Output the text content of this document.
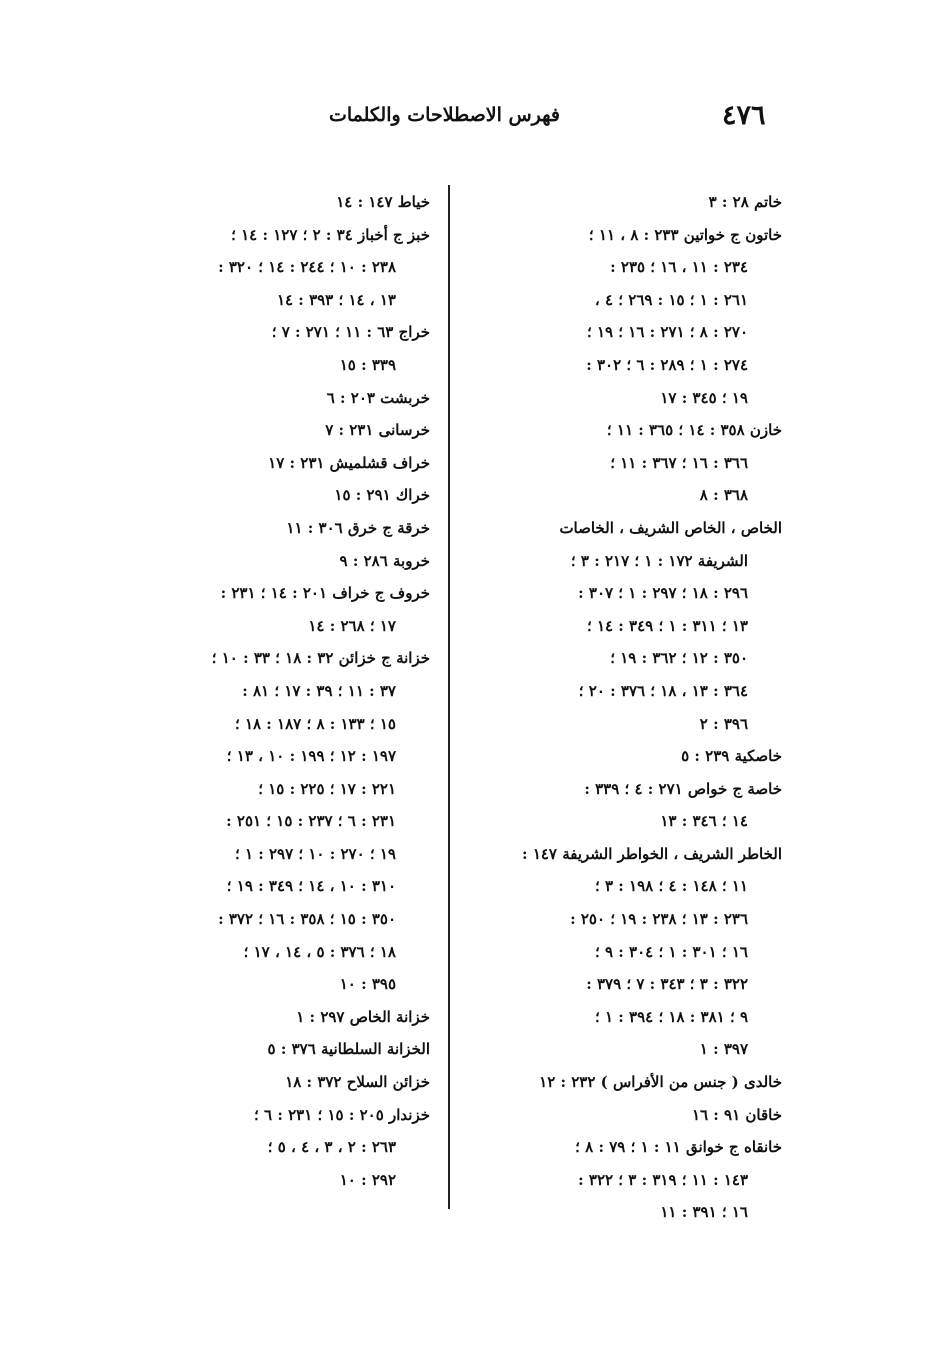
٤٧٦
فهرس الاصطلاحات والكلمات
خاتم ٢٨ : ٣
خاتون ج خواتين ٢٣٣ : ٨ ، ١١ ؛
٢٣٤ : ١١ ، ١٦ ؛ ٢٣٥ :
٢٦١ : ١ ؛ ١٥ : ٢٦٩ ؛ ٤ ،
٢٧٠ : ٨ ؛ ٢٧١ : ١٦ ؛ ١٩ ؛
٢٧٤ : ١ ؛ ٢٨٩ : ٦ ؛ ٣٠٢ :
١٩ ؛ ٣٤٥ : ١٧
خازن ٣٥٨ : ١٤ ؛ ٣٦٥ : ١١ ؛
٣٦٦ : ١٦ ؛ ٣٦٧ : ١١ ؛
٣٦٨ : ٨
الخاص ، الخاص الشريف ، الخاصات
الشريفة ١٧٢ : ١ ؛ ٢١٧ : ٣ ؛
٢٩٦ : ١٨ ؛ ٢٩٧ : ١ ؛ ٣٠٧ :
١٣ ؛ ٣١١ : ١ ؛ ٣٤٩ : ١٤ ؛
٣٥٠ : ١٢ ؛ ٣٦٢ : ١٩ ؛
٣٦٤ : ١٣ ، ١٨ ؛ ٣٧٦ : ٢٠ ؛
٣٩٦ : ٢
خاصكية ٢٣٩ : ٥
خاصة ج خواص ٢٧١ : ٤ ؛ ٣٣٩ :
١٤ ؛ ٣٤٦ : ١٣
الخاطر الشريف ، الخواطر الشريفة ١٤٧ :
١١ ؛ ١٤٨ : ٤ ؛ ١٩٨ : ٣ ؛
٢٣٦ : ١٣ ؛ ٢٣٨ : ١٩ ؛ ٢٥٠ :
١٦ ؛ ٣٠١ : ١ ؛ ٣٠٤ : ٩ ؛
٣٢٢ : ٣ ؛ ٣٤٣ : ٧ ؛ ٣٧٩ :
٩ ؛ ٣٨١ : ١٨ ؛ ٣٩٤ : ١ ؛
٣٩٧ : ١
خالدى ( جنس من الأفراس ) ٢٣٢ : ١٢
خاقان ٩١ : ١٦
خانقاه ج خوانق ١١ : ١ ؛ ٧٩ : ٨ ؛
١٤٣ : ١١ ؛ ٣١٩ : ٣ ؛ ٣٢٢ :
١٦ ؛ ٣٩١ : ١١
خياط ١٤٧ : ١٤
خبز ج أخباز ٣٤ : ٢ ؛ ١٢٧ : ١٤ ؛
٢٣٨ : ١٠ ؛ ٢٤٤ : ١٤ ؛ ٣٢٠ :
١٣ ، ١٤ ؛ ٣٩٣ : ١٤
خراج ٦٣ : ١١ ؛ ٢٧١ : ٧ ؛
٣٣٩ : ١٥
خربشت ٢٠٣ : ٦
خرسانى ٢٣١ : ٧
خراف قشلميش ٢٣١ : ١٧
خراك ٢٩١ : ١٥
خرقة ج خرق ٣٠٦ : ١١
خروبة ٢٨٦ : ٩
خروف ج خراف ٢٠١ : ١٤ ؛ ٢٣١ :
١٧ ؛ ٢٦٨ : ١٤
خزانة ج خزائن ٣٢ : ١٨ ؛ ٣٣ : ١٠ ؛
٣٧ : ١١ ؛ ٣٩ : ١٧ ؛ ٨١ :
١٥ ؛ ١٣٣ : ٨ ؛ ١٨٧ : ١٨ ؛
١٩٧ : ١٢ ؛ ١٩٩ : ١٠ ، ١٣ ؛
٢٢١ : ١٧ ؛ ٢٢٥ : ١٥ ؛
٢٣١ : ٦ ؛ ٢٣٧ : ١٥ ؛ ٢٥١ :
١٩ ؛ ٢٧٠ : ١٠ ؛ ٢٩٧ : ١ ؛
٣١٠ : ١٠ ، ١٤ ؛ ٣٤٩ : ١٩ ؛
٣٥٠ : ١٥ ؛ ٣٥٨ : ١٦ ؛ ٣٧٢ :
١٨ ؛ ٣٧٦ : ٥ ، ١٤ ، ١٧ ؛
٣٩٥ : ١٠
خزانة الخاص ٢٩٧ : ١
الخزانة السلطانية ٣٧٦ : ٥
خزائن السلاح ٣٧٢ : ١٨
خزندار ٢٠٥ : ١٥ ؛ ٢٣١ : ٦ ؛
٢٦٣ : ٢ ، ٣ ، ٤ ، ٥ ؛
٢٩٢ : ١٠
